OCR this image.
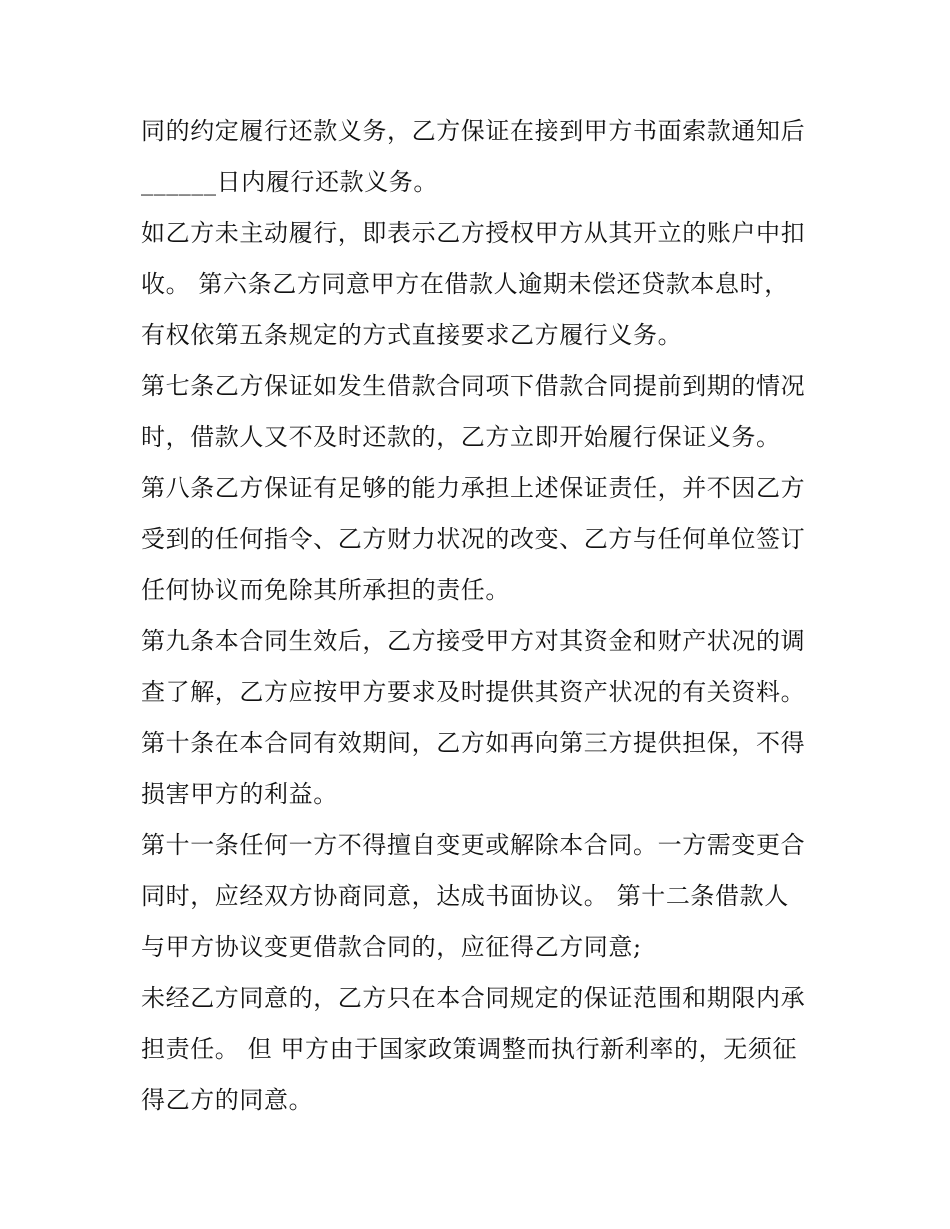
同的约定履行还款义务，乙方保证在接到甲方书面索款通知后
______日内履行还款义务。
如乙方未主动履行，即表示乙方授权甲方从其开立的账户中扣
收。 第六条乙方同意甲方在借款人逾期未偿还贷款本息时，
有权依第五条规定的方式直接要求乙方履行义务。
第七条乙方保证如发生借款合同项下借款合同提前到期的情况
时，借款人又不及时还款的，乙方立即开始履行保证义务。
第八条乙方保证有足够的能力承担上述保证责任，并不因乙方
受到的任何指令、乙方财力状况的改变、乙方与任何单位签订
任何协议而免除其所承担的责任。
第九条本合同生效后，乙方接受甲方对其资金和财产状况的调
查了解，乙方应按甲方要求及时提供其资产状况的有关资料。
第十条在本合同有效期间，乙方如再向第三方提供担保，不得
损害甲方的利益。
第十一条任何一方不得擅自变更或解除本合同。一方需变更合
同时，应经双方协商同意，达成书面协议。 第十二条借款人
与甲方协议变更借款合同的，应征得乙方同意;
未经乙方同意的，乙方只在本合同规定的保证范围和期限内承
担责任。 但 甲方由于国家政策调整而执行新利率的，无须征
得乙方的同意。
